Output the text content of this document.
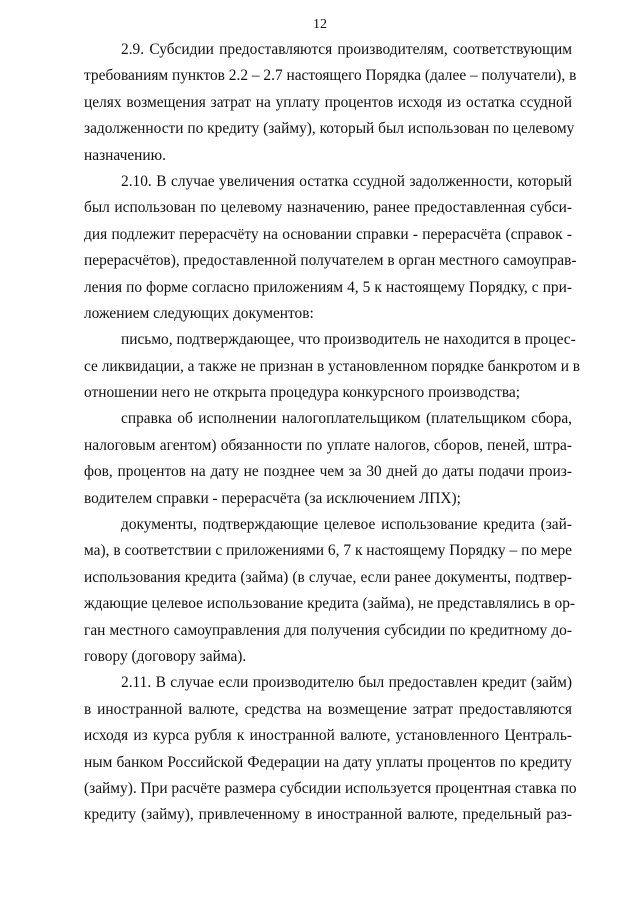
12
2.9. Субсидии предоставляются производителям, соответствующим
требованиям пунктов 2.2 – 2.7 настоящего Порядка (далее – получатели), в
целях возмещения затрат на уплату процентов исходя из остатка ссудной
задолженности по кредиту (займу), который был использован по целевому
назначению.
2.10. В случае увеличения остатка ссудной задолженности, который
был использован по целевому назначению, ранее предоставленная субси-
дия подлежит перерасчёту на основании справки - перерасчёта (справок -
перерасчётов), предоставленной получателем в орган местного самоуправ-
ления по форме согласно приложениям 4, 5 к настоящему Порядку, с при-
ложением следующих документов:
письмо, подтверждающее, что производитель не находится в процес-
се ликвидации, а также не признан в установленном порядке банкротом и в
отношении него не открыта процедура конкурсного производства;
справка об исполнении налогоплательщиком (плательщиком сбора,
налоговым агентом) обязанности по уплате налогов, сборов, пеней, штра-
фов, процентов на дату не позднее чем за 30 дней до даты подачи произ-
водителем справки - перерасчёта (за исключением ЛПХ);
документы, подтверждающие целевое использование кредита (зай-
ма), в соответствии с приложениями 6, 7 к настоящему Порядку – по мере
использования кредита (займа) (в случае, если ранее документы, подтвер-
ждающие целевое использование кредита (займа), не представлялись в ор-
ган местного самоуправления для получения субсидии по кредитному до-
говору (договору займа).
2.11. В случае если производителю был предоставлен кредит (займ)
в иностранной валюте, средства на возмещение затрат предоставляются
исходя из курса рубля к иностранной валюте, установленного Централь-
ным банком Российской Федерации на дату уплаты процентов по кредиту
(займу). При расчёте размера субсидии используется процентная ставка по
кредиту (займу), привлеченному в иностранной валюте, предельный раз-
